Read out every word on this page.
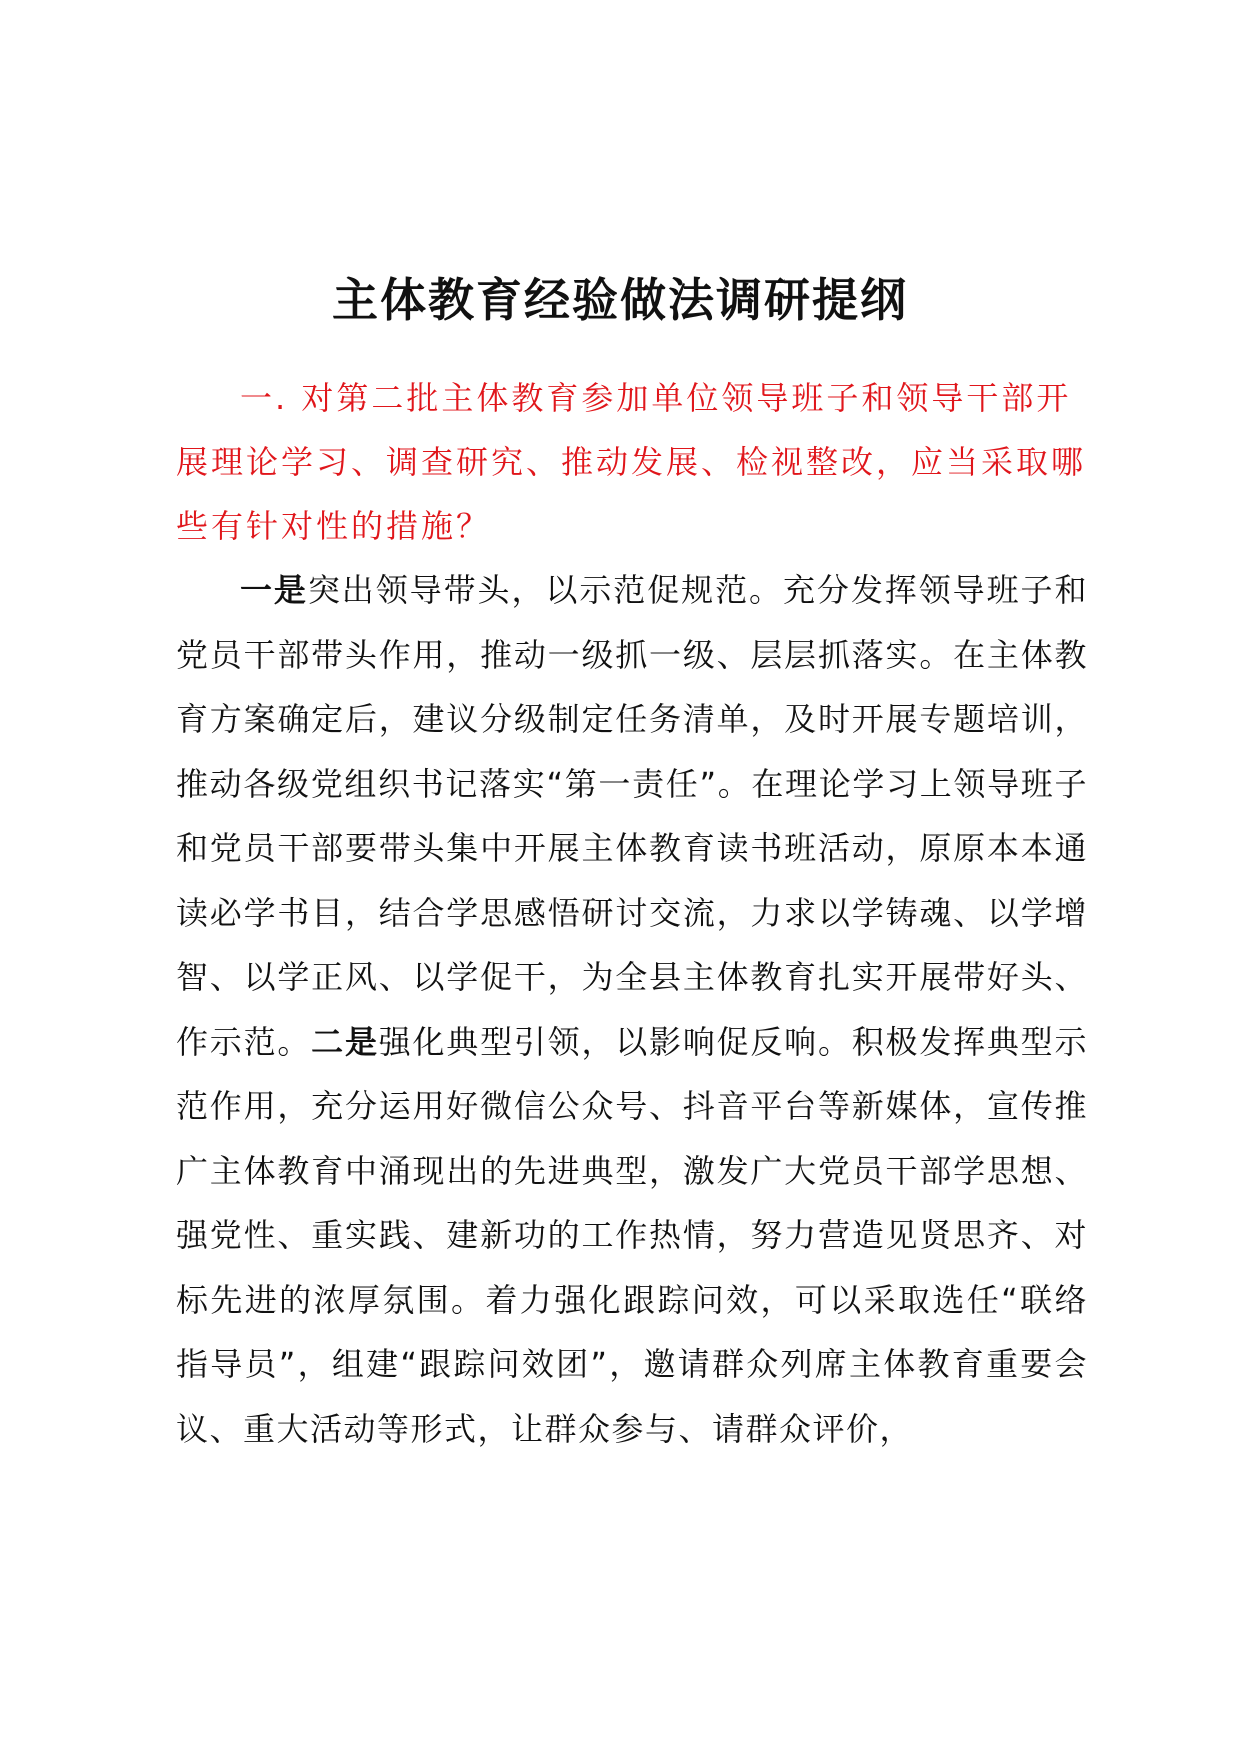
主体教育经验做法调研提纲

一. 对第二批主体教育参加单位领导班子和领导干部开展理论学习、调查研究、推动发展、检视整改，应当采取哪些有针对性的措施？

一是突出领导带头，以示范促规范。充分发挥领导班子和党员干部带头作用，推动一级抓一级、层层抓落实。在主体教育方案确定后，建议分级制定任务清单，及时开展专题培训，推动各级党组织书记落实“第一责任”。在理论学习上领导班子和党员干部要带头集中开展主体教育读书班活动，原原本本通读必学书目，结合学思感悟研讨交流，力求以学铸魂、以学增智、以学正风、以学促干，为全县主体教育扎实开展带好头、作示范。二是强化典型引领，以影响促反响。积极发挥典型示范作用，充分运用好微信公众号、抖音平台等新媒体，宣传推广主体教育中涌现出的先进典型，激发广大党员干部学思想、强党性、重实践、建新功的工作热情，努力营造见贤思齐、对标先进的浓厚氛围。着力强化跟踪问效，可以采取选任“联络指导员”，组建“跟踪问效团”，邀请群众列席主体教育重要会议、重大活动等形式，让群众参与、请群众评价，
